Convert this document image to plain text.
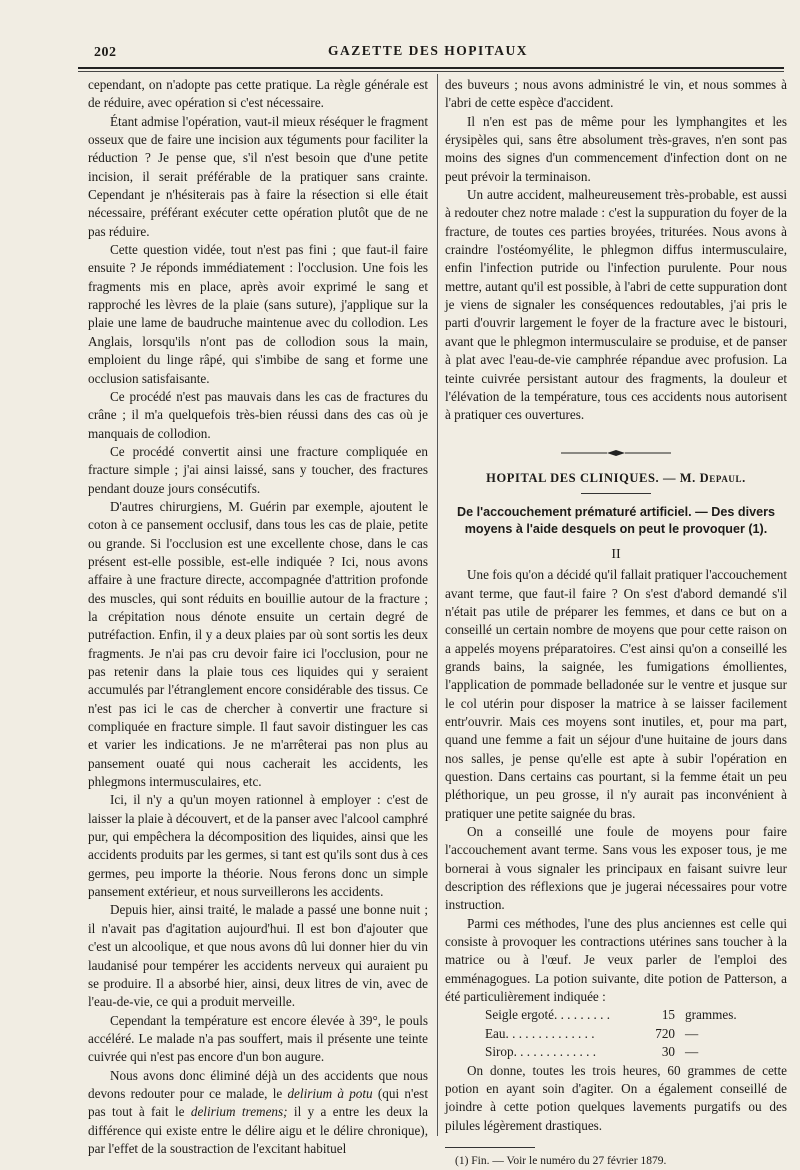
202	GAZETTE DES HOPITAUX

cependant, on n'adopte pas cette pratique. La règle générale est de réduire, avec opération si c'est nécessaire.

Étant admise l'opération, vaut-il mieux réséquer le fragment osseux que de faire une incision aux téguments pour faciliter la réduction ? Je pense que, s'il n'est besoin que d'une petite incision, il serait préférable de la pratiquer sans crainte. Cependant je n'hésiterais pas à faire la résection si elle était nécessaire, préférant exécuter cette opération plutôt que de ne pas réduire.

Cette question vidée, tout n'est pas fini ; que faut-il faire ensuite ? Je réponds immédiatement : l'occlusion. Une fois les fragments mis en place, après avoir exprimé le sang et rapproché les lèvres de la plaie (sans suture), j'applique sur la plaie une lame de baudruche maintenue avec du collodion. Les Anglais, lorsqu'ils n'ont pas de collodion sous la main, emploient du linge râpé, qui s'imbibe de sang et forme une occlusion satisfaisante.

Ce procédé n'est pas mauvais dans les cas de fractures du crâne ; il m'a quelquefois très-bien réussi dans des cas où je manquais de collodion.

Ce procédé convertit ainsi une fracture compliquée en fracture simple ; j'ai ainsi laissé, sans y toucher, des fractures pendant douze jours consécutifs.

D'autres chirurgiens, M. Guérin par exemple, ajoutent le coton à ce pansement occlusif, dans tous les cas de plaie, petite ou grande. Si l'occlusion est une excellente chose, dans le cas présent est-elle possible, est-elle indiquée ? Ici, nous avons affaire à une fracture directe, accompagnée d'attrition profonde des muscles, qui sont réduits en bouillie autour de la fracture ; la crépitation nous dénote ensuite un certain degré de putréfaction. Enfin, il y a deux plaies par où sont sortis les deux fragments. Je n'ai pas cru devoir faire ici l'occlusion, pour ne pas retenir dans la plaie tous ces liquides qui y seraient accumulés par l'étranglement encore considérable des tissus. Ce n'est pas ici le cas de chercher à convertir une fracture si compliquée en fracture simple. Il faut savoir distinguer les cas et varier les indications. Je ne m'arrêterai pas non plus au pansement ouaté qui nous cacherait les accidents, les phlegmons intermusculaires, etc.

Ici, il n'y a qu'un moyen rationnel à employer : c'est de laisser la plaie à découvert, et de la panser avec l'alcool camphré pur, qui empêchera la décomposition des liquides, ainsi que les accidents produits par les germes, si tant est qu'ils sont dus à ces germes, peu importe la théorie. Nous ferons donc un simple pansement extérieur, et nous surveillerons les accidents.

Depuis hier, ainsi traité, le malade a passé une bonne nuit ; il n'avait pas d'agitation aujourd'hui. Il est bon d'ajouter que c'est un alcoolique, et que nous avons dû lui donner hier du vin laudanisé pour tempérer les accidents nerveux qui auraient pu se produire. Il a absorbé hier, ainsi, deux litres de vin, avec de l'eau-de-vie, ce qui a produit merveille.

Cependant la température est encore élevée à 39°, le pouls accéléré. Le malade n'a pas souffert, mais il présente une teinte cuivrée qui n'est pas encore d'un bon augure.

Nous avons donc éliminé déjà un des accidents que nous devons redouter pour ce malade, le delirium à potu (qui n'est pas tout à fait le delirium tremens; il y a entre les deux la différence qui existe entre le délire aigu et le délire chronique), par l'effet de la soustraction de l'excitant habituel

des buveurs ; nous avons administré le vin, et nous sommes à l'abri de cette espèce d'accident.

Il n'en est pas de même pour les lymphangites et les érysipèles qui, sans être absolument très-graves, n'en sont pas moins des signes d'un commencement d'infection dont on ne peut prévoir la terminaison.

Un autre accident, malheureusement très-probable, est aussi à redouter chez notre malade : c'est la suppuration du foyer de la fracture, de toutes ces parties broyées, triturées. Nous avons à craindre l'ostéomyélite, le phlegmon diffus intermusculaire, enfin l'infection putride ou l'infection purulente. Pour nous mettre, autant qu'il est possible, à l'abri de cette suppuration dont je viens de signaler les conséquences redoutables, j'ai pris le parti d'ouvrir largement le foyer de la fracture avec le bistouri, avant que le phlegmon intermusculaire se produise, et de panser à plat avec l'eau-de-vie camphrée répandue avec profusion. La teinte cuivrée persistant autour des fragments, la douleur et l'élévation de la température, tous ces accidents nous autorisent à pratiquer ces ouvertures.

HOPITAL DES CLINIQUES. — M. Depaul.
De l'accouchement prématuré artificiel. — Des divers moyens à l'aide desquels on peut le provoquer (1).
II

Une fois qu'on a décidé qu'il fallait pratiquer l'accouchement avant terme, que faut-il faire ? On s'est d'abord demandé s'il n'était pas utile de préparer les femmes, et dans ce but on a conseillé un certain nombre de moyens que pour cette raison on a appelés moyens préparatoires. C'est ainsi qu'on a conseillé les grands bains, la saignée, les fumigations émollientes, l'application de pommade belladonée sur le ventre et jusque sur le col utérin pour disposer la matrice à se laisser facilement entr'ouvrir. Mais ces moyens sont inutiles, et, pour ma part, quand une femme a fait un séjour d'une huitaine de jours dans nos salles, je pense qu'elle est apte à subir l'opération en question. Dans certains cas pourtant, si la femme était un peu pléthorique, un peu grosse, il n'y aurait pas inconvénient à pratiquer une petite saignée du bras.

On a conseillé une foule de moyens pour faire l'accouchement avant terme. Sans vous les exposer tous, je me bornerai à vous signaler les principaux en faisant suivre leur description des réflexions que je jugerai nécessaires pour votre instruction.

Parmi ces méthodes, l'une des plus anciennes est celle qui consiste à provoquer les contractions utérines sans toucher à la matrice ou à l'œuf. Je veux parler de l'emploi des emménagogues. La potion suivante, dite potion de Patterson, a été particulièrement indiquée :

Seigle ergoté. . . . . . . . .	15 grammes.
Eau. . . . . . . . . . . . . .	720 —
Sirop. . . . . . . . . . . . .	30 —

On donne, toutes les trois heures, 60 grammes de cette potion en ayant soin d'agiter. On a également conseillé de joindre à cette potion quelques lavements purgatifs ou des pilules légèrement drastiques.

(1) Fin. — Voir le numéro du 27 février 1879.
